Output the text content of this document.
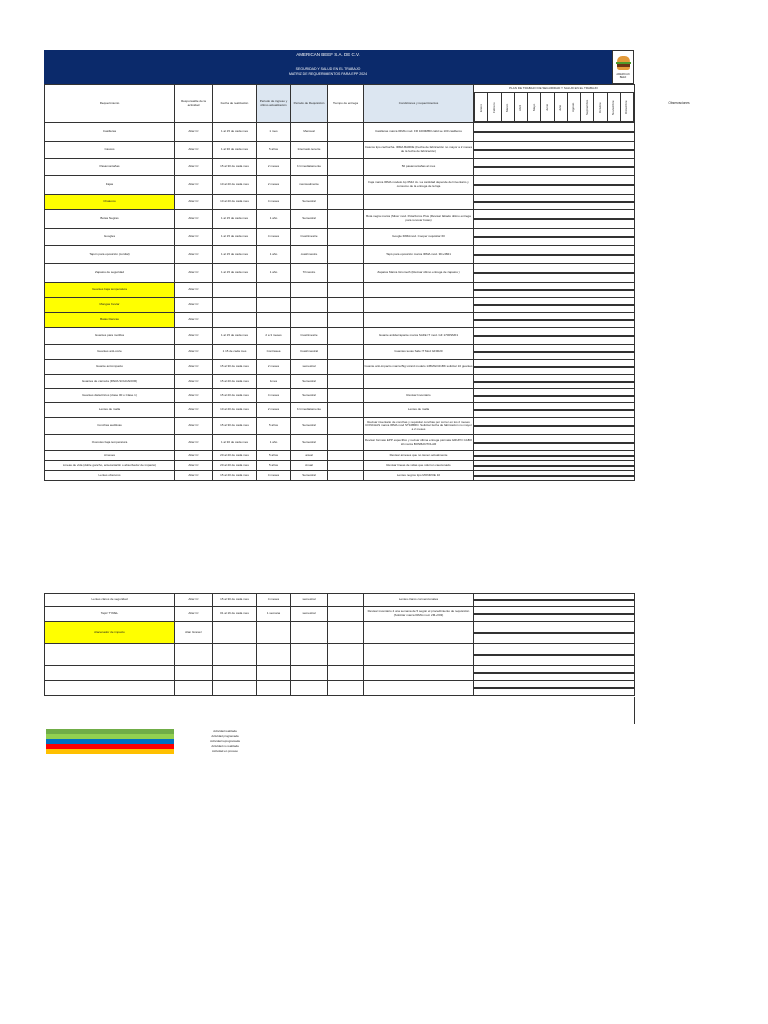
AMERICAN BEEF S.A. DE C.V.
SEGURIDAD Y SALUD EN EL TRABAJO
MATRIZ DE REQUERIMIENTOS PARA EPP 2024	AMERICAN BEEF
PLAN DE TRABAJO DE SEGURIDAD Y SALUD EN EL TRABAJO
Observaciones
Requerimiento	Responsable de la actividad	Fecha de realización	Periodo de ingreso y último actualización	Periodo de Requisición	Tiempo de entrega	Condiciones y requerimientos	
Enero	Febrero	Marzo	Abril	Mayo	Junio	Julio	Agosto	Septiembre	Octubre	Noviembre	Diciembre

Casilleras	Altar Cr	1 al 15 de cada mes	1 mes	Mensual		Casilleras marca IRMA mod. FR 1000MB3 calid se 100 casilleros	

Cascos	Altar Cr	1 al 30 de cada mes	5 años	Internado tenerte		Cascos tipo cachucha. IRMA BARDE (Fecha de fabricación no mayor a 2 meses de la fecha de fabricación)	

Pasamontañas	Altar Cr	15 al 30 de cada mes	2 meses	b Inmediatamente		50 pasamontañas al mes	

Fajas	Altar Cr	10 al 20 de cada mes	2 meses	mensualmente		Faja marca IRMA modelo Ap 6542 Ju. La cantidad depende del inventario y consumo de la entrega de la faja	

Chalecos	Altar Cr	10 al 20 de cada mes	4 meses	Semestral			

Botas Negras	Altar Cr	1 al 15 de cada mes	1 año	Semestral		Bota negra marca (Silver mod. PolarForce Plus (Revisar fabado último entrega para renovar botas)	

Googles	Altar Cr	1 al 15 de cada mes	4 meses	Cuatrimestre		Google IRMAmod. Cooper requisitar 60	

Tapón para oposición (cordial)	Altar Cr	1 al 15 de cada mes	1 año	cuatrimestre		Tapó para oposición marca IRMA mod. 3D+3821	

Zapatos de seguridad	Altar Cr	1 al 15 de cada mes	1 año	Trimestre		Zapatos Marca Girometh (Revisar último entrega de zapatos )	

Guantes baja temperatura	Altar Cr						

Mangas Kevlar	Altar Cr						

Batas blancas	Altar Cr						

Guantes para motillos	Altar Cr	1 al 15 de cada mes	2 a 3 meses	Cuatrimestre		Guante antiderrapante marca SAFE IT mod. GF 1700SMF1	

Guantes anti-corte	Altar Cr	1 15 de cada mes	Contrasea	Cuatrimestral		Guantes texas Safe IT Mod GF0020	

Guante anti-impacto	Altar Cr	15 al 30 de cada mes	2 meses	semestral		Guante anti-impacto marca Big Lizard modelo 145MGO21BK solicitar 10 guantes	

Guantes de carnaza (PARA SOLDADOR)	Altar Cr	15 al 20 de cada mes	1mes	Semestral			

Guantes dieléctricos (clase 00 o Clase 1)	Altar Cr	15 al 20 de cada mes	4 meses	Semestral		Revisar Inventario	

Lentes de malla	Altar Cr	10 al 20 de cada mes	2 meses	b Inmediatamente		Lentes de malla	

Conchas auditivas	Altar Cr	15 al 30 de cada mes	5 años	Semestral		Revisar inventario de conchas y requisitar conchas por correr en los 2 meses CONCHAS marca IRMA mod ST10BRD. Solicitar fecha de fabricación no mayor a 2 meses	

Overoles baja temperatura	Altar Cr	1 al 30 de cada mes	1 año	Semestral		Revisar formato EPP específico y revisar última entrega pérmala GRUPO CABO HI marca BONBANTOLAR	

Arneses	Altar Cr	20 al 20 de cada mes	5 años	anual		Revisar arneses que no tienen actualmente	

Líneas de vida (doble gancho, antecanta/tin o absorbedor de impacto)	Altar Cr	20 al 20 de cada mes	5 años	Anual		Revisar líneas de vidas que ndurron caucionado	

Lentes obscuros	Altar Cr	15 al 20 de cada mes	4 meses	Semestral		Lentes negros tipo MONROE 10	

Lentes claros de seguridad	Altar Cr	15 al 30 de cada mes	4 meses	semestral		Lentes claros convencionales	

Tapiz TYREL	Altar Cr	01 al 16 de cada mes	1 semana	semestral		Revisar inventario 4 una semana de 5 según el procedimiento de requisición (Solicitar marca IRMA mod. 2M+X03)	

Alacenador de impacto	Alan Granez						

Actividad realizada
Actividad programada
Actividad reprogramada
Actividad no realizada
Actividad en proceso
